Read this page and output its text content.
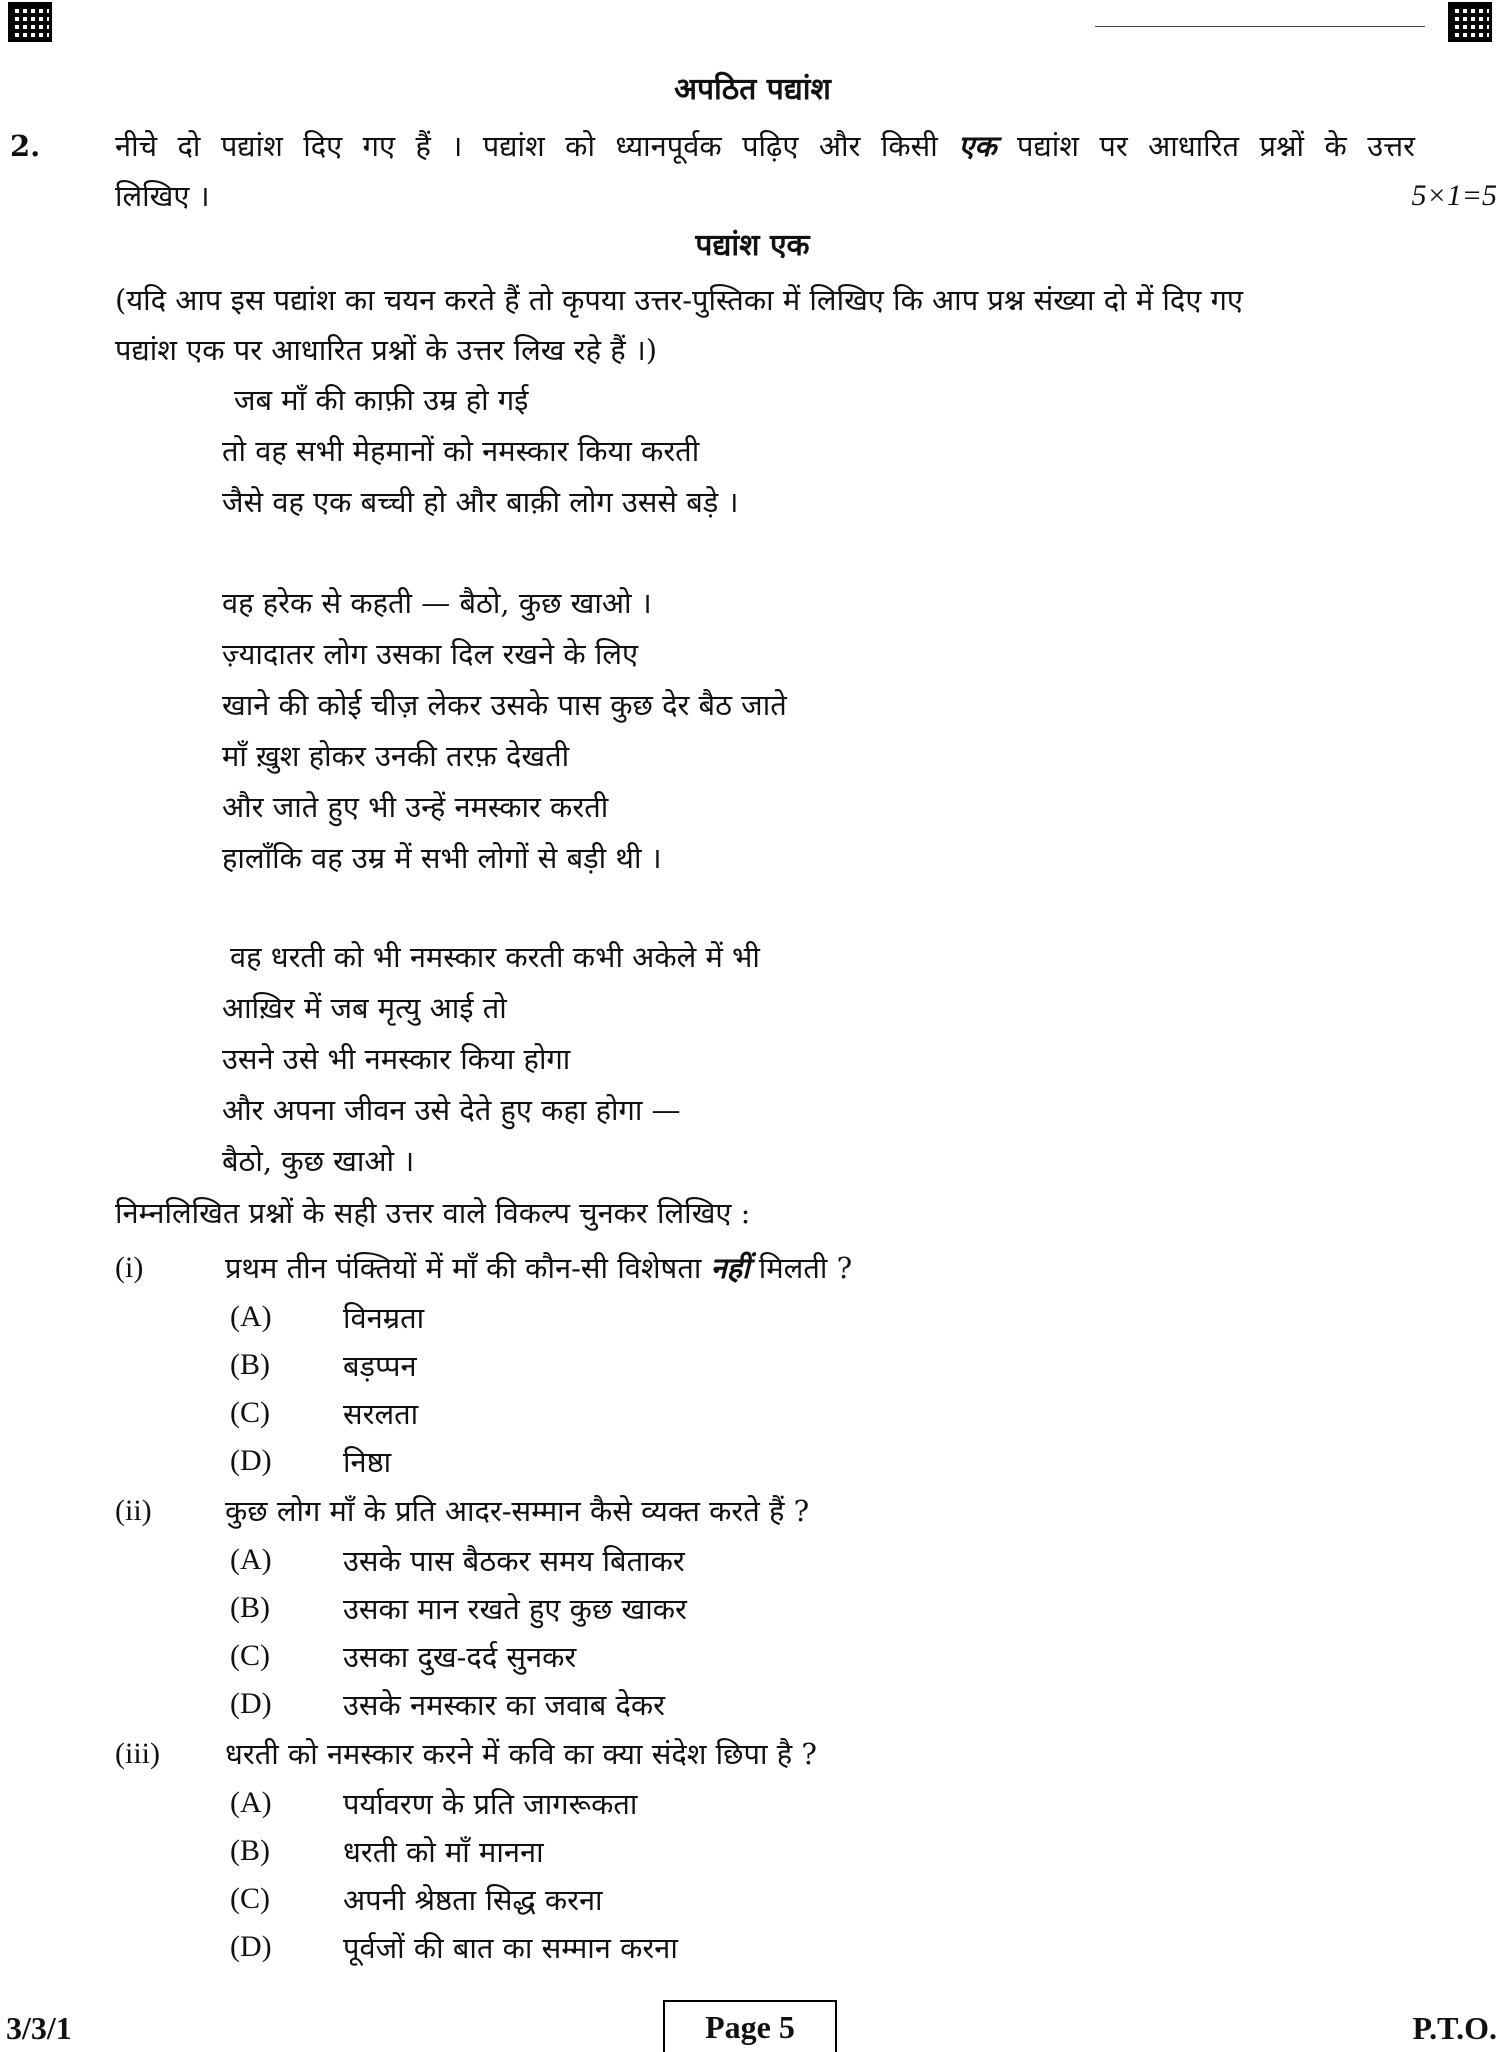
अपठित पद्यांश
2.	नीचे दो पद्यांश दिए गए हैं । पद्यांश को ध्यानपूर्वक पढ़िए और किसी एक पद्यांश पर आधारित प्रश्नों के उत्तर
लिखिए ।	5×1=5
पद्यांश एक
(यदि आप इस पद्यांश का चयन करते हैं तो कृपया उत्तर-पुस्तिका में लिखिए कि आप प्रश्न संख्या दो में दिए गए
पद्यांश एक पर आधारित प्रश्नों के उत्तर लिख रहे हैं ।)
जब माँ की काफ़ी उम्र हो गई
तो वह सभी मेहमानों को नमस्कार किया करती
जैसे वह एक बच्ची हो और बाक़ी लोग उससे बड़े ।
वह हरेक से कहती — बैठो, कुछ खाओ ।
ज़्यादातर लोग उसका दिल रखने के लिए
खाने की कोई चीज़ लेकर उसके पास कुछ देर बैठ जाते
माँ ख़ुश होकर उनकी तरफ़ देखती
और जाते हुए भी उन्हें नमस्कार करती
हालाँकि वह उम्र में सभी लोगों से बड़ी थी ।
वह धरती को भी नमस्कार करती कभी अकेले में भी
आख़िर में जब मृत्यु आई तो
उसने उसे भी नमस्कार किया होगा
और अपना जीवन उसे देते हुए कहा होगा —
बैठो, कुछ खाओ ।
निम्नलिखित प्रश्नों के सही उत्तर वाले विकल्प चुनकर लिखिए :
(i)	प्रथम तीन पंक्तियों में माँ की कौन-सी विशेषता नहीं मिलती ?
(A)	विनम्रता
(B)	बड़प्पन
(C)	सरलता
(D)	निष्ठा
(ii)	कुछ लोग माँ के प्रति आदर-सम्मान कैसे व्यक्त करते हैं ?
(A)	उसके पास बैठकर समय बिताकर
(B)	उसका मान रखते हुए कुछ खाकर
(C)	उसका दुख-दर्द सुनकर
(D)	उसके नमस्कार का जवाब देकर
(iii)	धरती को नमस्कार करने में कवि का क्या संदेश छिपा है ?
(A)	पर्यावरण के प्रति जागरूकता
(B)	धरती को माँ मानना
(C)	अपनी श्रेष्ठता सिद्ध करना
(D)	पूर्वजों की बात का सम्मान करना
3/3/1	Page 5	P.T.O.
